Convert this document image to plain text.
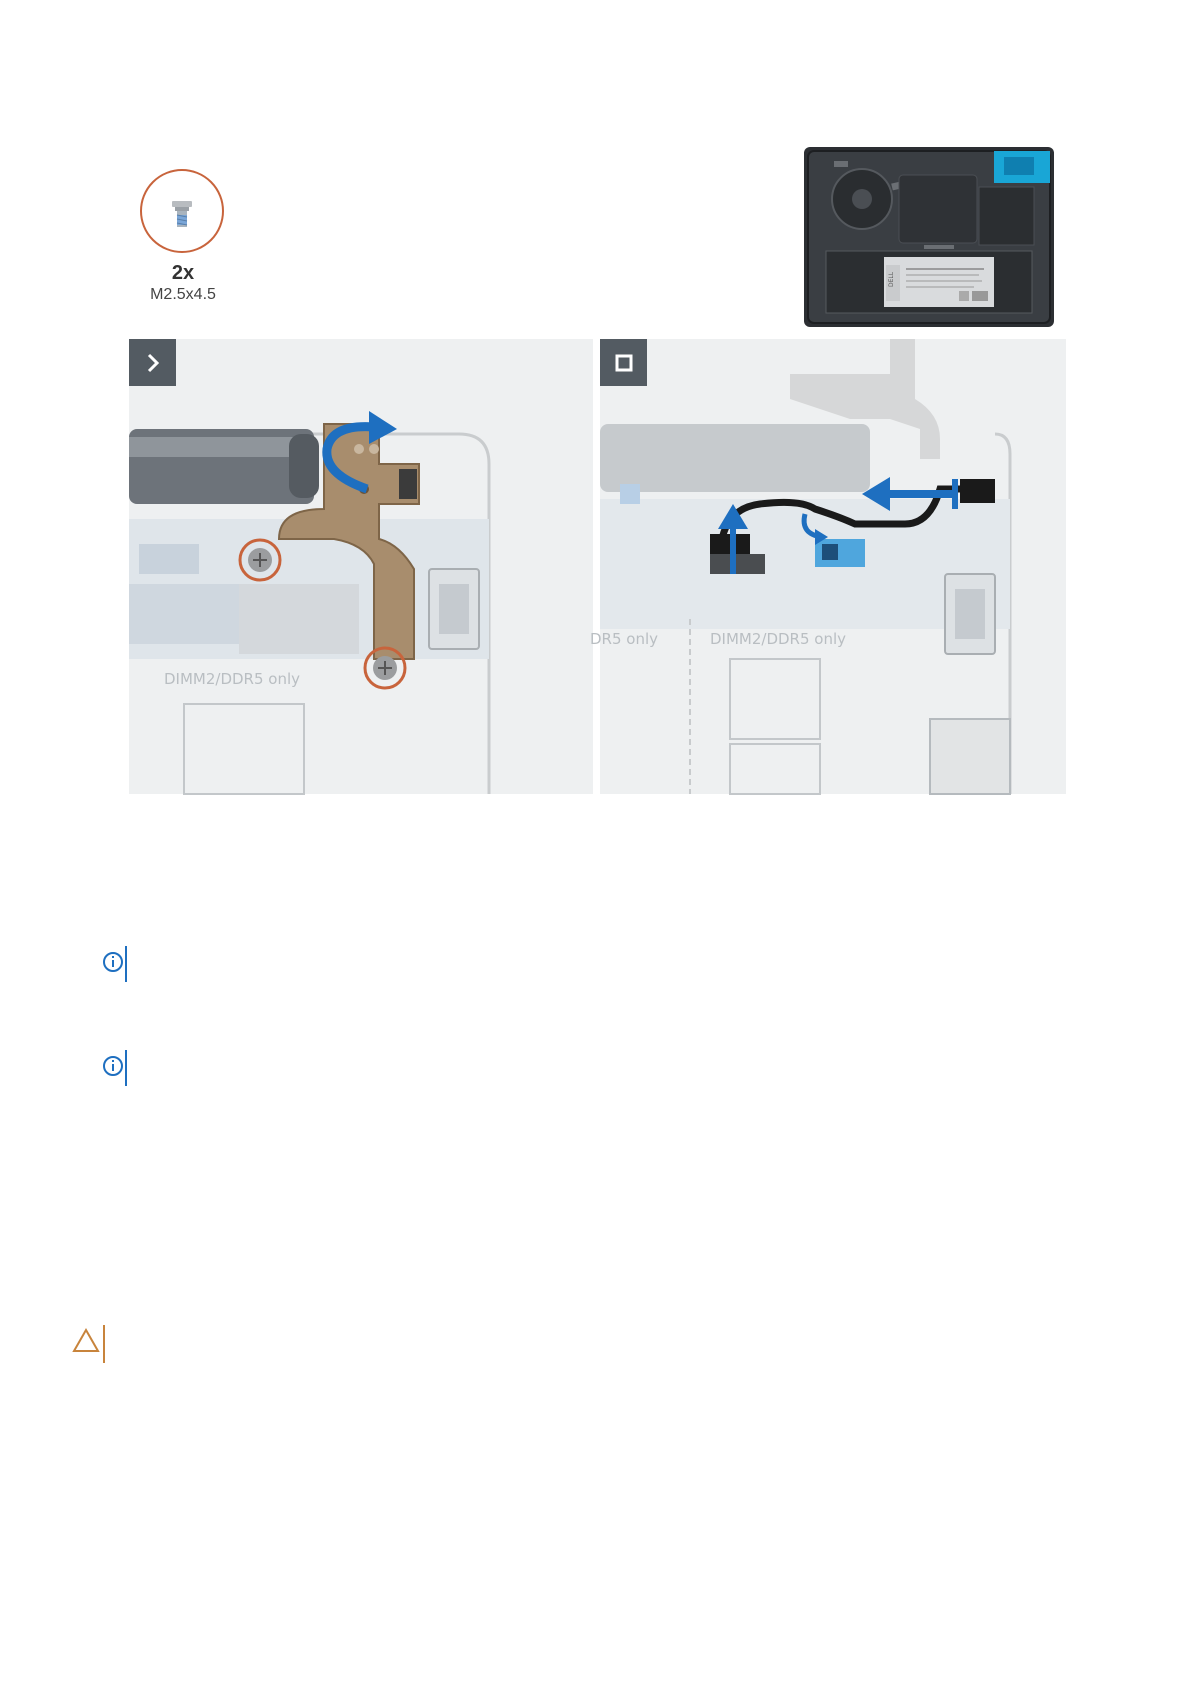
2x
M2.5x4.5
DELL
DIMM2/DDR5 only
DR5 only	DIMM2/DDR5 only
